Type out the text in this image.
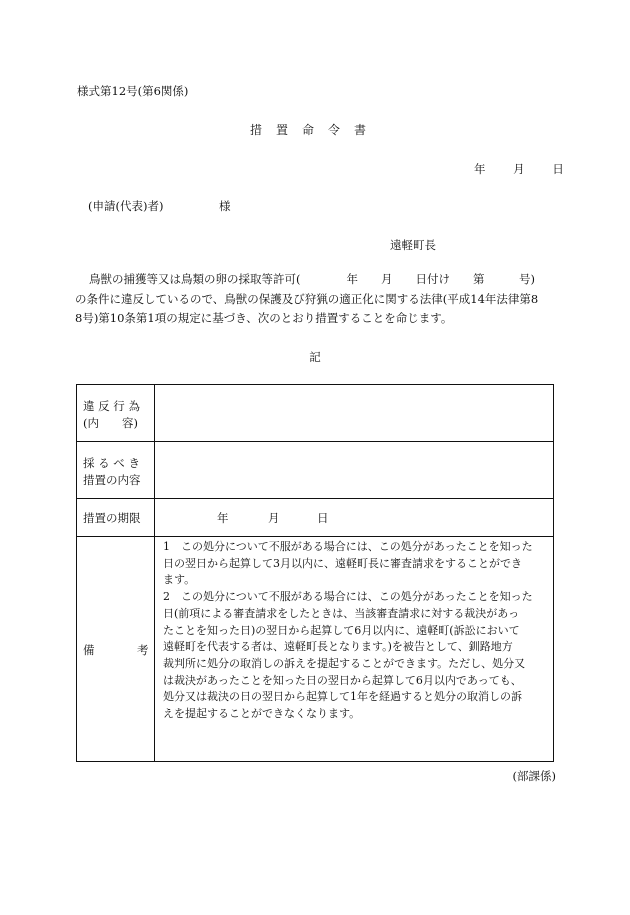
様式第12号(第6関係)
措置命令書
年 月 日
(申請(代表)者)	様
遠軽町長
鳥獣の捕獲等又は鳥類の卵の採取等許可(　　　　年　　月　　日付け　　第　　　号)
の条件に違反しているので、鳥獣の保護及び狩猟の適正化に関する法律(平成14年法律第8
8号)第10条第1項の規定に基づき、次のとおり措置することを命じます。
記
違 反 行 為
(内　　容)
採 る べ き
措置の内容
措置の期限	年	月	日
備	考
1　 この処分について不服がある場合には、この処分があったことを知った
日の翌日から起算して3月以内に、遠軽町長に審査請求をすることができ
ます。
2　 この処分について不服がある場合には、この処分があったことを知った
日(前項による審査請求をしたときは、当該審査請求に対する裁決があっ
たことを知った日)の翌日から起算して6月以内に、遠軽町(訴訟において
遠軽町を代表する者は、遠軽町長となります。)を被告として、釧路地方
裁判所に処分の取消しの訴えを提起することができます。ただし、処分又
は裁決があったことを知った日の翌日から起算して6月以内であっても、
処分又は裁決の日の翌日から起算して1年を経過すると処分の取消しの訴
えを提起することができなくなります。
(部課係)
